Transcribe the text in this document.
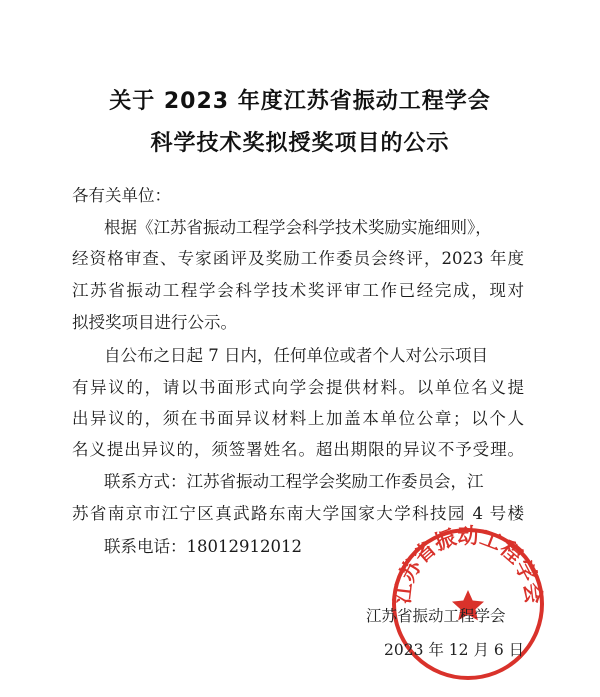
关于 2023 年度江苏省振动工程学会
科学技术奖拟授奖项目的公示
各有关单位：
根据《江苏省振动工程学会科学技术奖励实施细则》，
经资格审查、专家函评及奖励工作委员会终评，2023 年度
江苏省振动工程学会科学技术奖评审工作已经完成，现对
拟授奖项目进行公示。
自公布之日起 7 日内，任何单位或者个人对公示项目
有异议的，请以书面形式向学会提供材料。以单位名义提
出异议的，须在书面异议材料上加盖本单位公章；以个人
名义提出异议的，须签署姓名。超出期限的异议不予受理。
联系方式：江苏省振动工程学会奖励工作委员会，江
苏省南京市江宁区真武路东南大学国家大学科技园 4 号楼
联系电话：18012912012
江苏省振动工程学会
江苏省振动工程学会
2023 年 12 月 6 日
